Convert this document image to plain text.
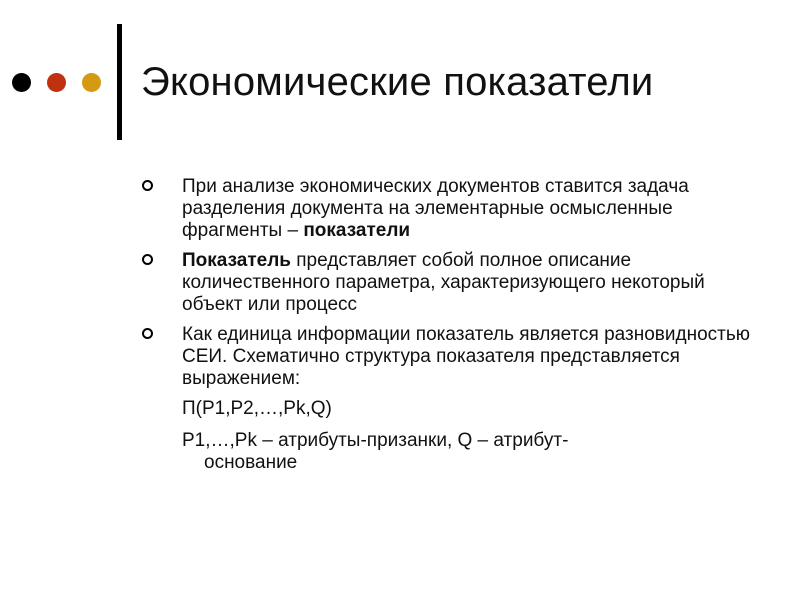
Экономические показатели
При анализе экономических документов ставится задача разделения документа на элементарные осмысленные фрагменты – показатели
Показатель представляет собой полное описание количественного параметра, характеризующего некоторый объект или процесс
Как единица информации показатель является разновидностью СЕИ. Схематично структура показателя представляется выражением:
П(P1,P2,…,Pk,Q)
P1,…,Pk – атрибуты-призанки, Q – атрибут-
основание
